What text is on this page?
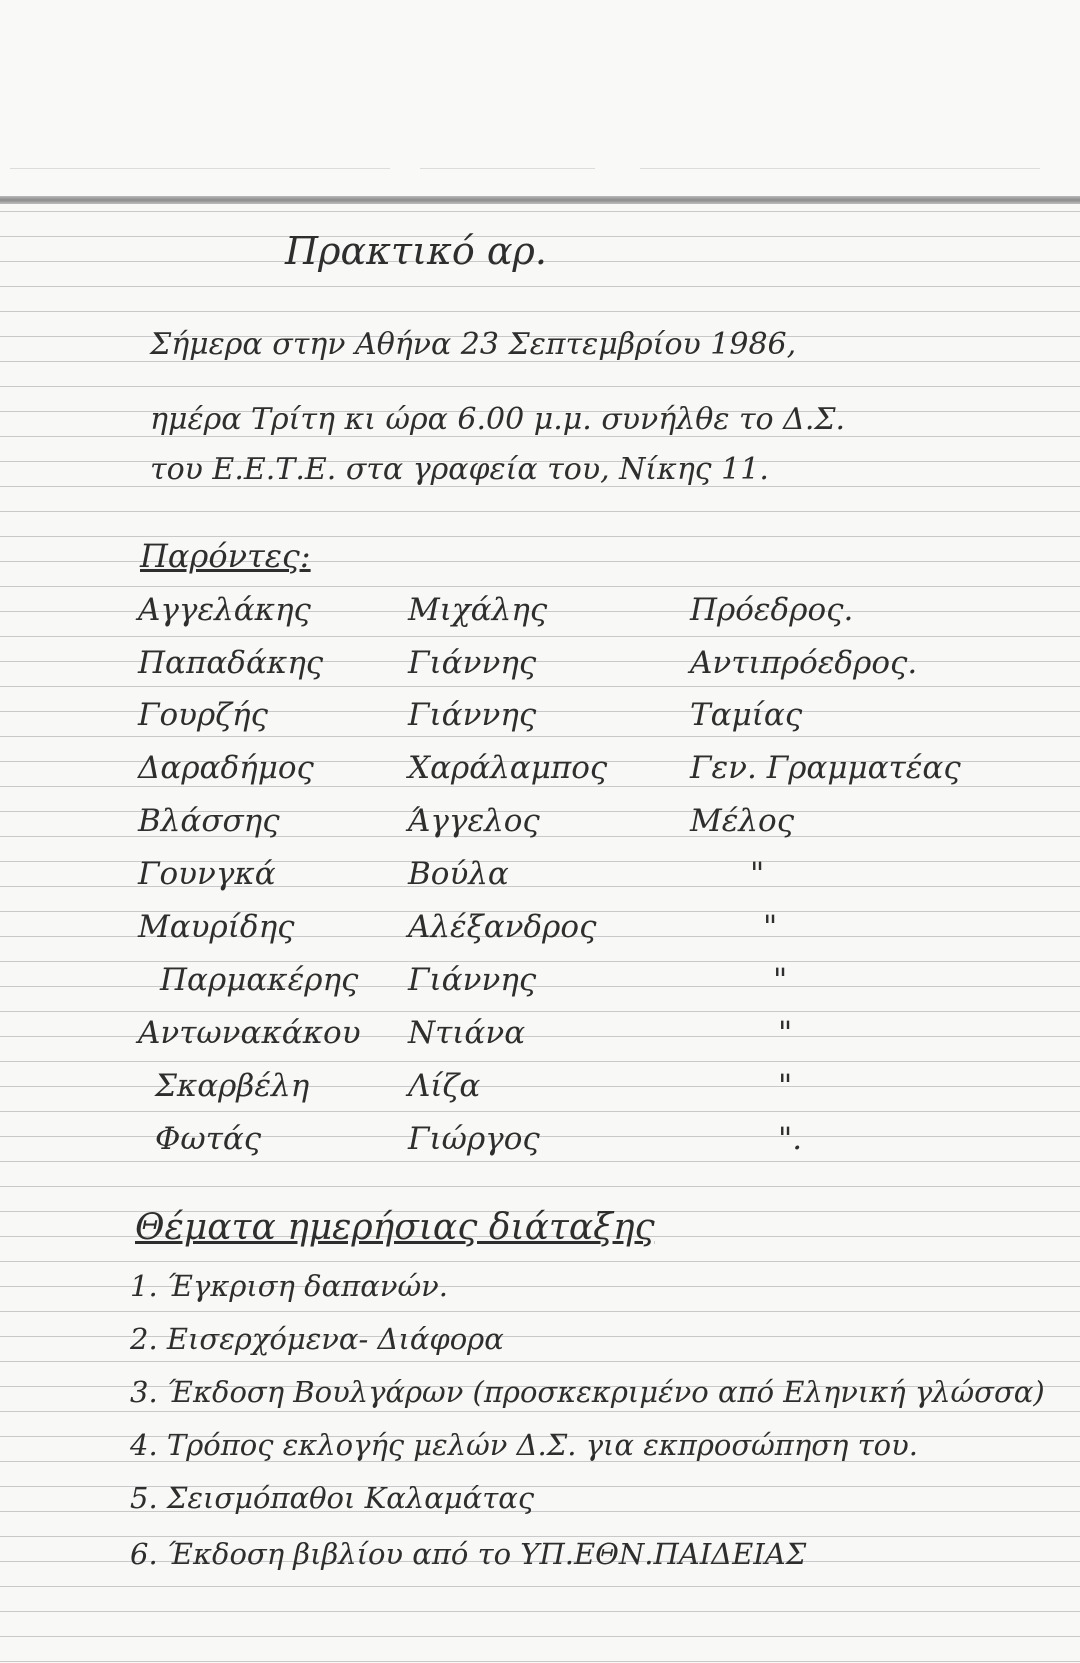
Πρακτικό αρ.
Σήμερα στην Αθήνα 23 Σεπτεμβρίου 1986,
ημέρα Τρίτη κι ώρα 6.00 μ.μ. συνήλθε το Δ.Σ.
του Ε.Ε.Τ.Ε. στα γραφεία του, Νίκης 11.
Παρόντες:
Αγγελάκης	Μιχάλης	Πρόεδρος.
Παπαδάκης	Γιάννης	Αντιπρόεδρος.
Γουρζής	Γιάννης	Ταμίας
Δαραδήμος	Χαράλαμπος	Γεν. Γραμματέας
Βλάσσης	Άγγελος	Μέλος
Γουνγκά	Βούλα	"
Μαυρίδης	Αλέξανδρος	"
Παρμακέρης Γιάννης	"
Αντωνακάκου Ντιάνα	"
Σκαρβέλη	Λίζα	"
Φωτάς	Γιώργος	".
Θέματα ημερήσιας διάταξης
1. Έγκριση δαπανών.
2. Εισερχόμενα- Διάφορα
3. Έκδοση Βουλγάρων (προσκεκριμένο από Εληνική γλώσσα)
4. Τρόπος εκλογής μελών Δ.Σ. για εκπροσώπηση του.
5. Σεισμόπαθοι Καλαμάτας
6. Έκδοση βιβλίου από το ΥΠ.ΕΘΝ.ΠΑΙΔΕΙΑΣ
